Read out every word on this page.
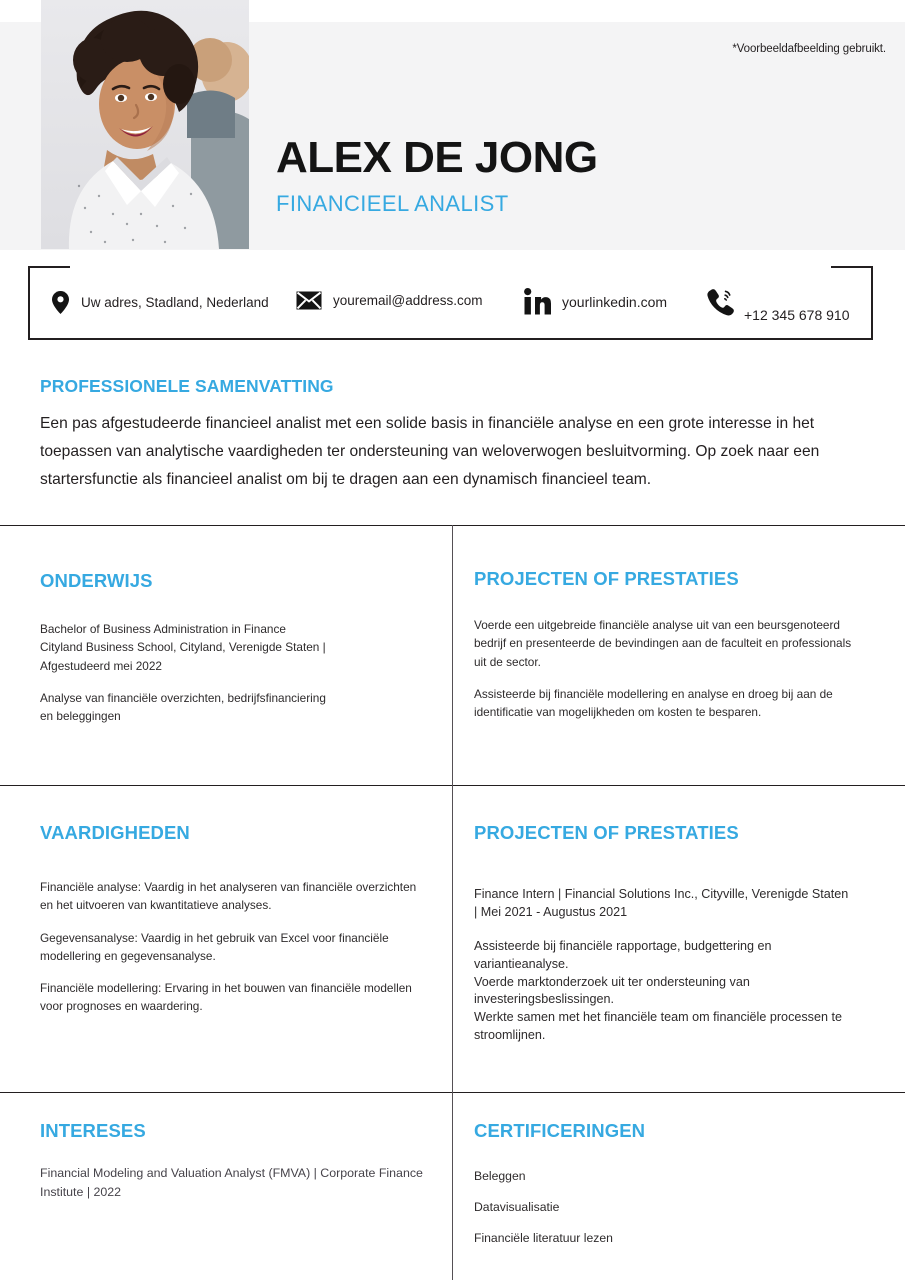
*Voorbeeldafbeelding gebruikt.
ALEX DE JONG
FINANCIEEL ANALIST
Uw adres, Stadland, Nederland	youremail@address.com	yourlinkedin.com
+12 345 678 910
PROFESSIONELE SAMENVATTING
Een pas afgestudeerde financieel analist met een solide basis in financiële analyse en een grote interesse in het toepassen van analytische vaardigheden ter ondersteuning van weloverwogen besluitvorming. Op zoek naar een startersfunctie als financieel analist om bij te dragen aan een dynamisch financieel team.
ONDERWIJS

Bachelor of Business Administration in Finance
Cityland Business School, Cityland, Verenigde Staten |
Afgestudeerd mei 2022

Analyse van financiële overzichten, bedrijfsfinanciering
en beleggingen

PROJECTEN OF PRESTATIES

Voerde een uitgebreide financiële analyse uit van een beursgenoteerd bedrijf en presenteerde de bevindingen aan de faculteit en professionals uit de sector.

Assisteerde bij financiële modellering en analyse en droeg bij aan de identificatie van mogelijkheden om kosten te besparen.

VAARDIGHEDEN

Financiële analyse: Vaardig in het analyseren van financiële overzichten en het uitvoeren van kwantitatieve analyses.

Gegevensanalyse: Vaardig in het gebruik van Excel voor financiële modellering en gegevensanalyse.

Financiële modellering: Ervaring in het bouwen van financiële modellen voor prognoses en waardering.

PROJECTEN OF PRESTATIES

Finance Intern | Financial Solutions Inc., Cityville, Verenigde Staten
| Mei 2021 - Augustus 2021

Assisteerde bij financiële rapportage, budgettering en variantieanalyse.
Voerde marktonderzoek uit ter ondersteuning van investeringsbeslissingen.
Werkte samen met het financiële team om financiële processen te stroomlijnen.

INTERESES

Financial Modeling and Valuation Analyst (FMVA) | Corporate Finance Institute | 2022

CERTIFICERINGEN

Beleggen

Datavisualisatie

Financiële literatuur lezen
